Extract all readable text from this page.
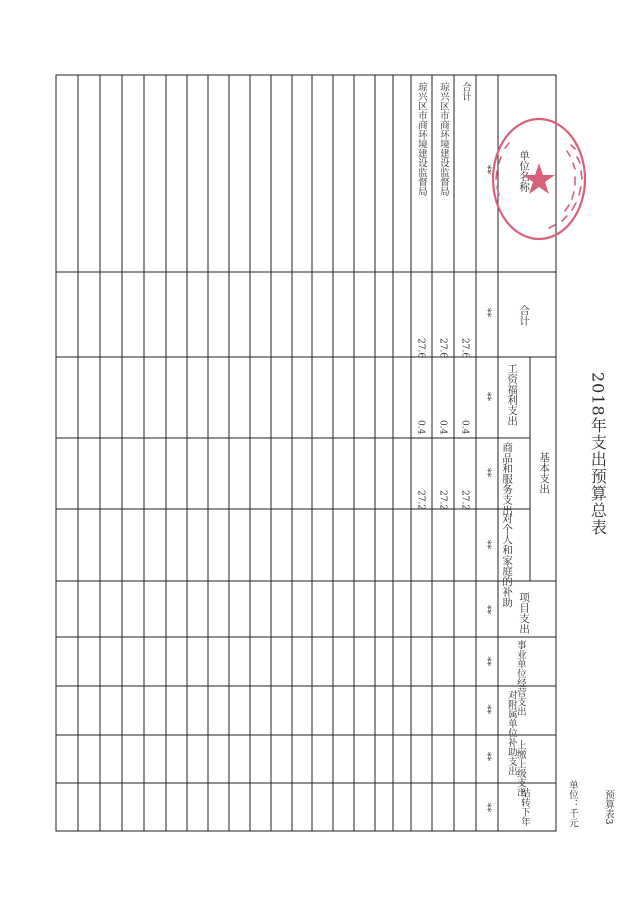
2018年支出预算总表
预算表3
单位：千元
单位名称
合计
基本支出
工资福利支出
商品和服务支出
对个人和家庭的补助
项目支出
事业单位经营支出
对附属单位补助支出
上缴上级支出
结转下年
**
**
**
**
**
**
**
**
**
**
合计
27.6
0.4
27.2
琼兴区市商环境建设监督局
27.6
0.4
27.2
琼兴区市商环境建设监督局
27.6
0.4
27.2
